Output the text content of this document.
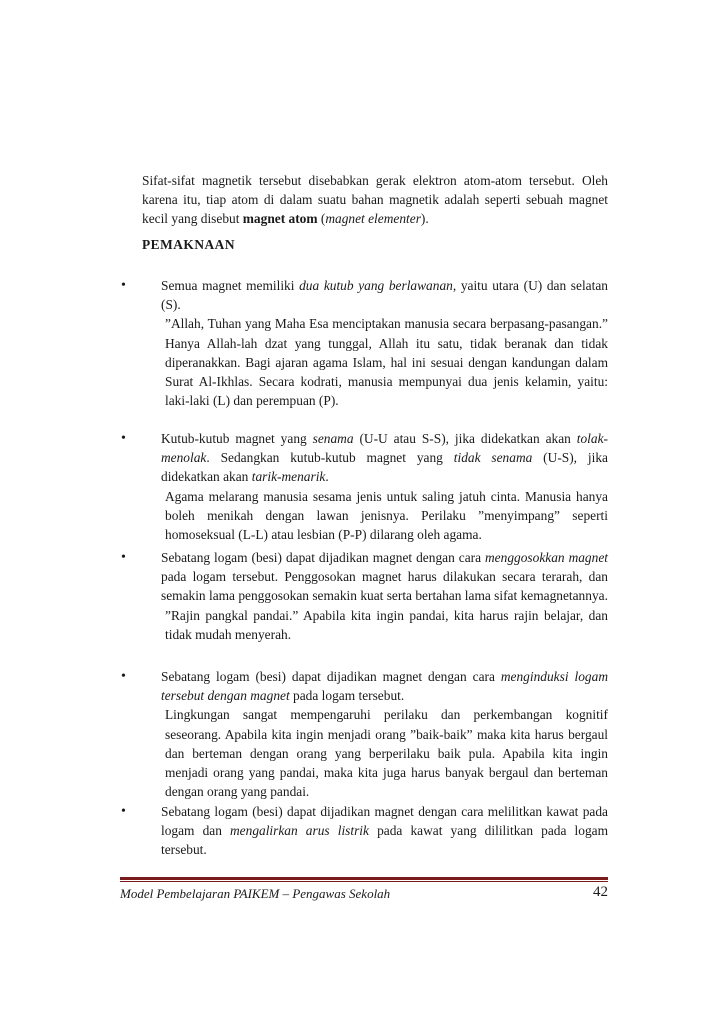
Sifat-sifat magnetik tersebut disebabkan gerak elektron atom-atom tersebut. Oleh karena itu, tiap atom di dalam suatu bahan magnetik adalah seperti sebuah magnet kecil yang disebut magnet atom (magnet elementer).

PEMAKNAAN
•	Semua magnet memiliki dua kutub yang berlawanan, yaitu utara (U) dan selatan (S).
”Allah, Tuhan yang Maha Esa menciptakan manusia secara berpasang-pasangan.” Hanya Allah-lah dzat yang tunggal, Allah itu satu, tidak beranak dan tidak diperanakkan. Bagi ajaran agama Islam, hal ini sesuai dengan kandungan dalam Surat Al-Ikhlas. Secara kodrati, manusia mempunyai dua jenis kelamin, yaitu: laki-laki (L) dan perempuan (P).
•	Kutub-kutub magnet yang senama (U-U atau S-S), jika didekatkan akan tolak-menolak. Sedangkan kutub-kutub magnet yang tidak senama (U-S), jika didekatkan akan tarik-menarik.
Agama melarang manusia sesama jenis untuk saling jatuh cinta. Manusia hanya boleh menikah dengan lawan jenisnya. Perilaku ”menyimpang” seperti homoseksual (L-L) atau lesbian (P-P) dilarang oleh agama.
•	Sebatang logam (besi) dapat dijadikan magnet dengan cara menggosokkan magnet pada logam tersebut. Penggosokan magnet harus dilakukan secara terarah, dan semakin lama penggosokan semakin kuat serta bertahan lama sifat kemagnetannya.
”Rajin pangkal pandai.” Apabila kita ingin pandai, kita harus rajin belajar, dan tidak mudah menyerah.
•	Sebatang logam (besi) dapat dijadikan magnet dengan cara menginduksi logam tersebut dengan magnet pada logam tersebut.
Lingkungan sangat mempengaruhi perilaku dan perkembangan kognitif seseorang. Apabila kita ingin menjadi orang ”baik-baik” maka kita harus bergaul dan berteman dengan orang yang berperilaku baik pula. Apabila kita ingin menjadi orang yang pandai, maka kita juga harus banyak bergaul dan berteman dengan orang yang pandai.
•	Sebatang logam (besi) dapat dijadikan magnet dengan cara melilitkan kawat pada logam dan mengalirkan arus listrik pada kawat yang dililitkan pada logam tersebut.
Model Pembelajaran PAIKEM – Pengawas Sekolah	42
